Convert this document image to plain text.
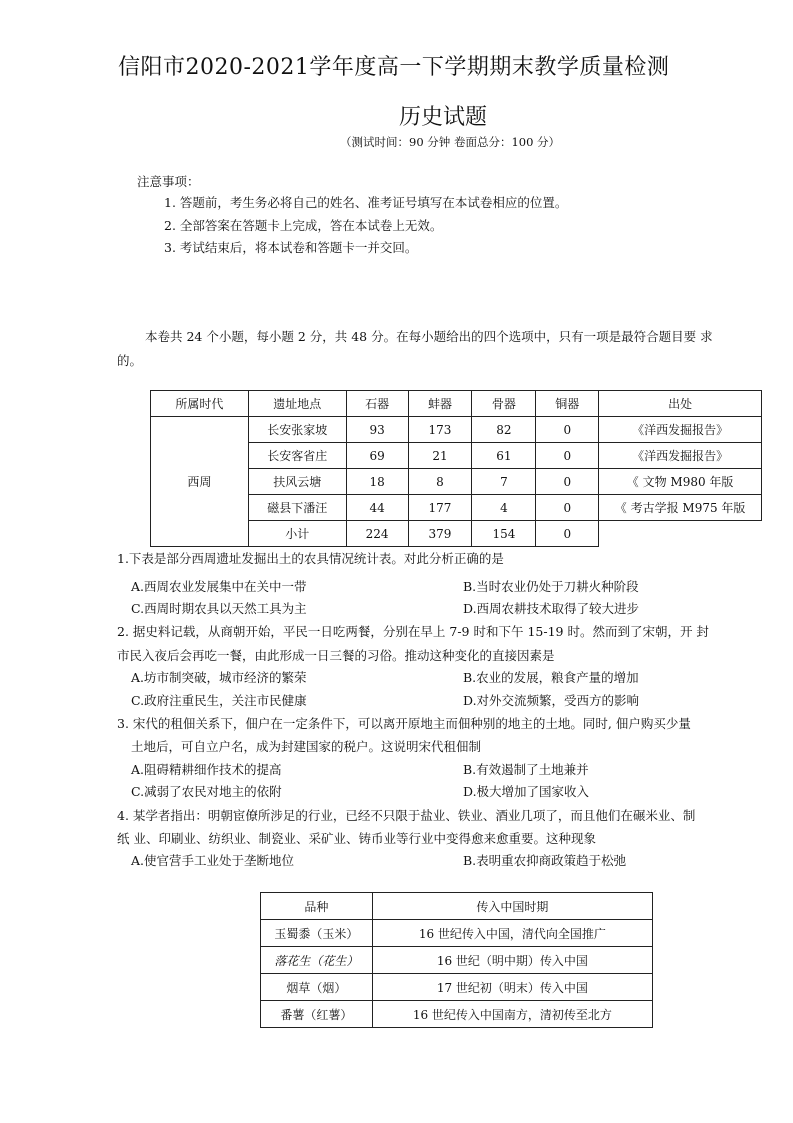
信阳市2020-2021学年度高一下学期期末教学质量检测
历史试题
（测试时间：90 分钟 卷面总分：100 分）
注意事项：
1. 答题前，考生务必将自己的姓名、准考证号填写在本试卷相应的位置。
2. 全部答案在答题卡上完成，答在本试卷上无效。
3. 考试结束后，将本试卷和答题卡一并交回。
本卷共 24 个小题，每小题 2 分，共 48 分。在每小题给出的四个选项中，只有一项是最符合题目要 求
的。
所属时代	遗址地点	石器	蚌器	骨器	铜器	出处
西周	长安张家坡	93	173	82	0	《洋西发掘报告》
	长安客省庄	69	21	61	0	《洋西发掘报告》
	扶风云塘	18	8	7	0	《 文物 M980 年版
	磁县下潘汪	44	177	4	0	《 考古学报 M975 年版
	小计	224	379	154	0	
1.下表是部分西周遗址发掘出土的农具情况统计表。对此分析正确的是
A.西周农业发展集中在关中一带	B.当时农业仍处于刀耕火种阶段
C.西周时期农具以天然工具为主	D.西周农耕技术取得了较大进步
2. 据史料记载，从商朝开始，平民一日吃两餐，分别在早上 7-9 时和下午 15-19 时。然而到了宋朝，开 封
市民入夜后会再吃一餐，由此形成一日三餐的习俗。推动这种变化的直接因素是
A.坊市制突破，城市经济的繁荣	B.农业的发展，粮食产量的增加
C.政府注重民生，关注市民健康	D.对外交流频繁，受西方的影响
3. 宋代的租佃关系下，佃户在一定条件下，可以离开原地主而佃种别的地主的土地。同时, 佃户购买少量
土地后，可自立户名，成为封建国家的税户。这说明宋代租佃制
A.阻碍精耕细作技术的提高	B.有效遏制了土地兼并
C.减弱了农民对地主的依附	D.极大增加了国家收入
4. 某学者指出：明朝宦僚所涉足的行业，已经不只限于盐业、铁业、酒业几项了，而且他们在碾米业、制
纸 业、印刷业、纺织业、制瓷业、采矿业、铸币业等行业中变得愈来愈重要。这种现象
A.使官营手工业处于垄断地位	B.表明重农抑商政策趋于松弛
品种	传入中国时期
玉蜀黍（玉米）	16 世纪传入中国，清代向全国推广
落花生（花生）	16 世纪（明中期）传入中国
烟草（烟）	17 世纪初（明末）传入中国
番薯（红薯）	16 世纪传入中国南方，清初传至北方
